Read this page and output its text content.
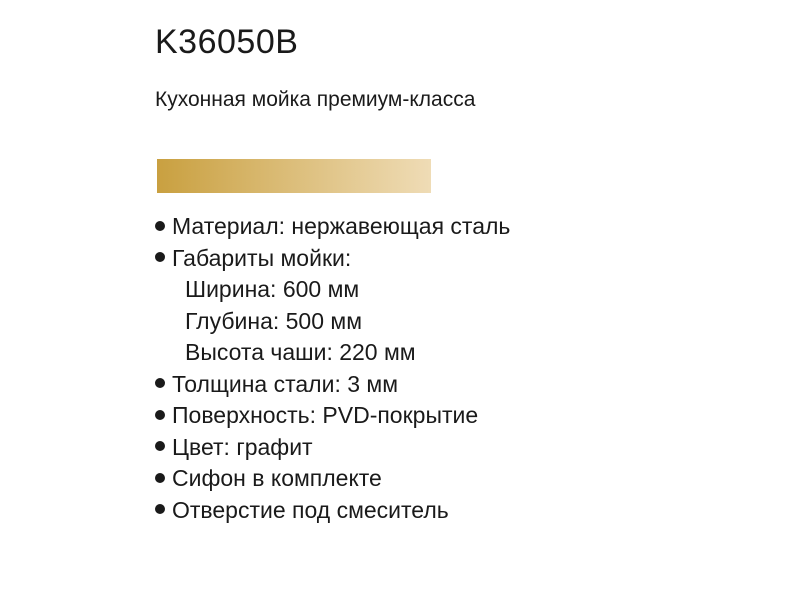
K36050B

Кухонная мойка премиум-класса

Материал: нержавеющая сталь
Габариты мойки:
Ширина: 600 мм
Глубина: 500 мм
Высота чаши: 220 мм
Толщина стали: 3 мм
Поверхность: PVD-покрытие
Цвет: графит
Сифон в комплекте
Отверстие под смеситель
